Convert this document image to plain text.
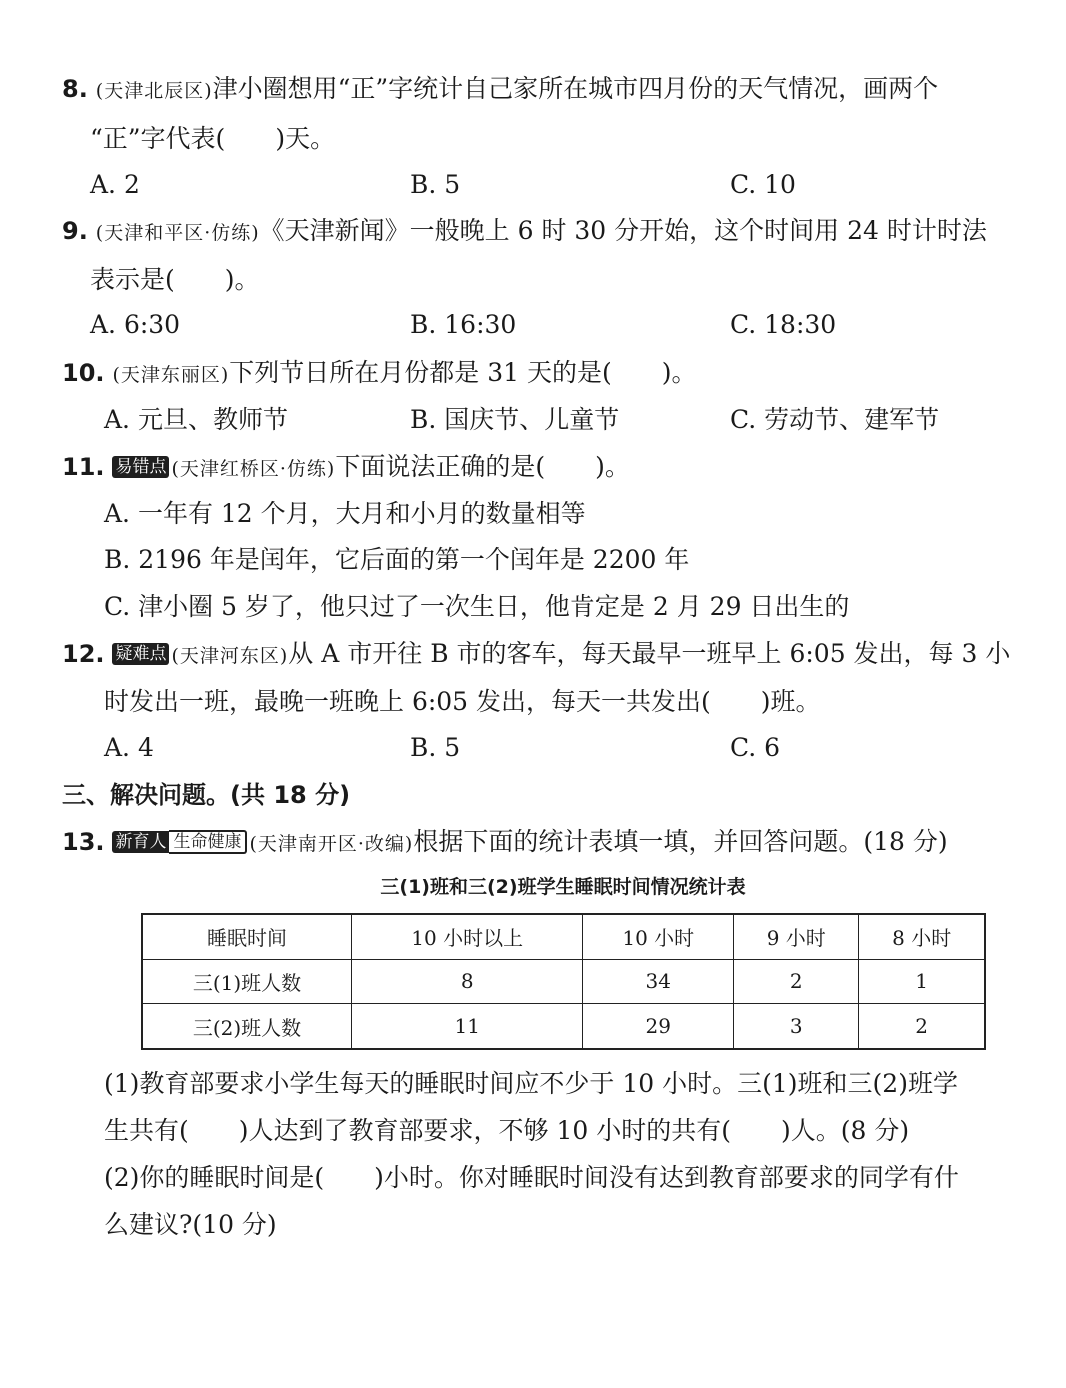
8. (天津北辰区)津小圈想用“正”字统计自己家所在城市四月份的天气情况，画两个
“正”字代表(　　)天。
A. 2	B. 5	C. 10
9. (天津和平区·仿练)《天津新闻》一般晚上 6 时 30 分开始，这个时间用 24 时计时法
表示是(　　)。
A. 6:30	B. 16:30	C. 18:30
10. (天津东丽区)下列节日所在月份都是 31 天的是(　　)。
A. 元旦、教师节	B. 国庆节、儿童节	C. 劳动节、建军节
11. 易错点 (天津红桥区·仿练)下面说法正确的是(　　)。
A. 一年有 12 个月，大月和小月的数量相等
B. 2196 年是闰年，它后面的第一个闰年是 2200 年
C. 津小圈 5 岁了，他只过了一次生日，他肯定是 2 月 29 日出生的
12. 疑难点 (天津河东区)从 A 市开往 B 市的客车，每天最早一班早上 6:05 发出，每 3 小
时发出一班，最晚一班晚上 6:05 发出，每天一共发出(　　)班。
A. 4	B. 5	C. 6
三、解决问题。(共 18 分)
13. 新育人 生命健康 (天津南开区·改编)根据下面的统计表填一填，并回答问题。(18 分)
三(1)班和三(2)班学生睡眠时间情况统计表
睡眠时间	10 小时以上	10 小时	9 小时	8 小时
三(1)班人数	8	34	2	1
三(2)班人数	11	29	3	2
(1)教育部要求小学生每天的睡眠时间应不少于 10 小时。三(1)班和三(2)班学
生共有(　　)人达到了教育部要求，不够 10 小时的共有(　　)人。(8 分)
(2)你的睡眠时间是(　　)小时。你对睡眠时间没有达到教育部要求的同学有什
么建议?(10 分)
